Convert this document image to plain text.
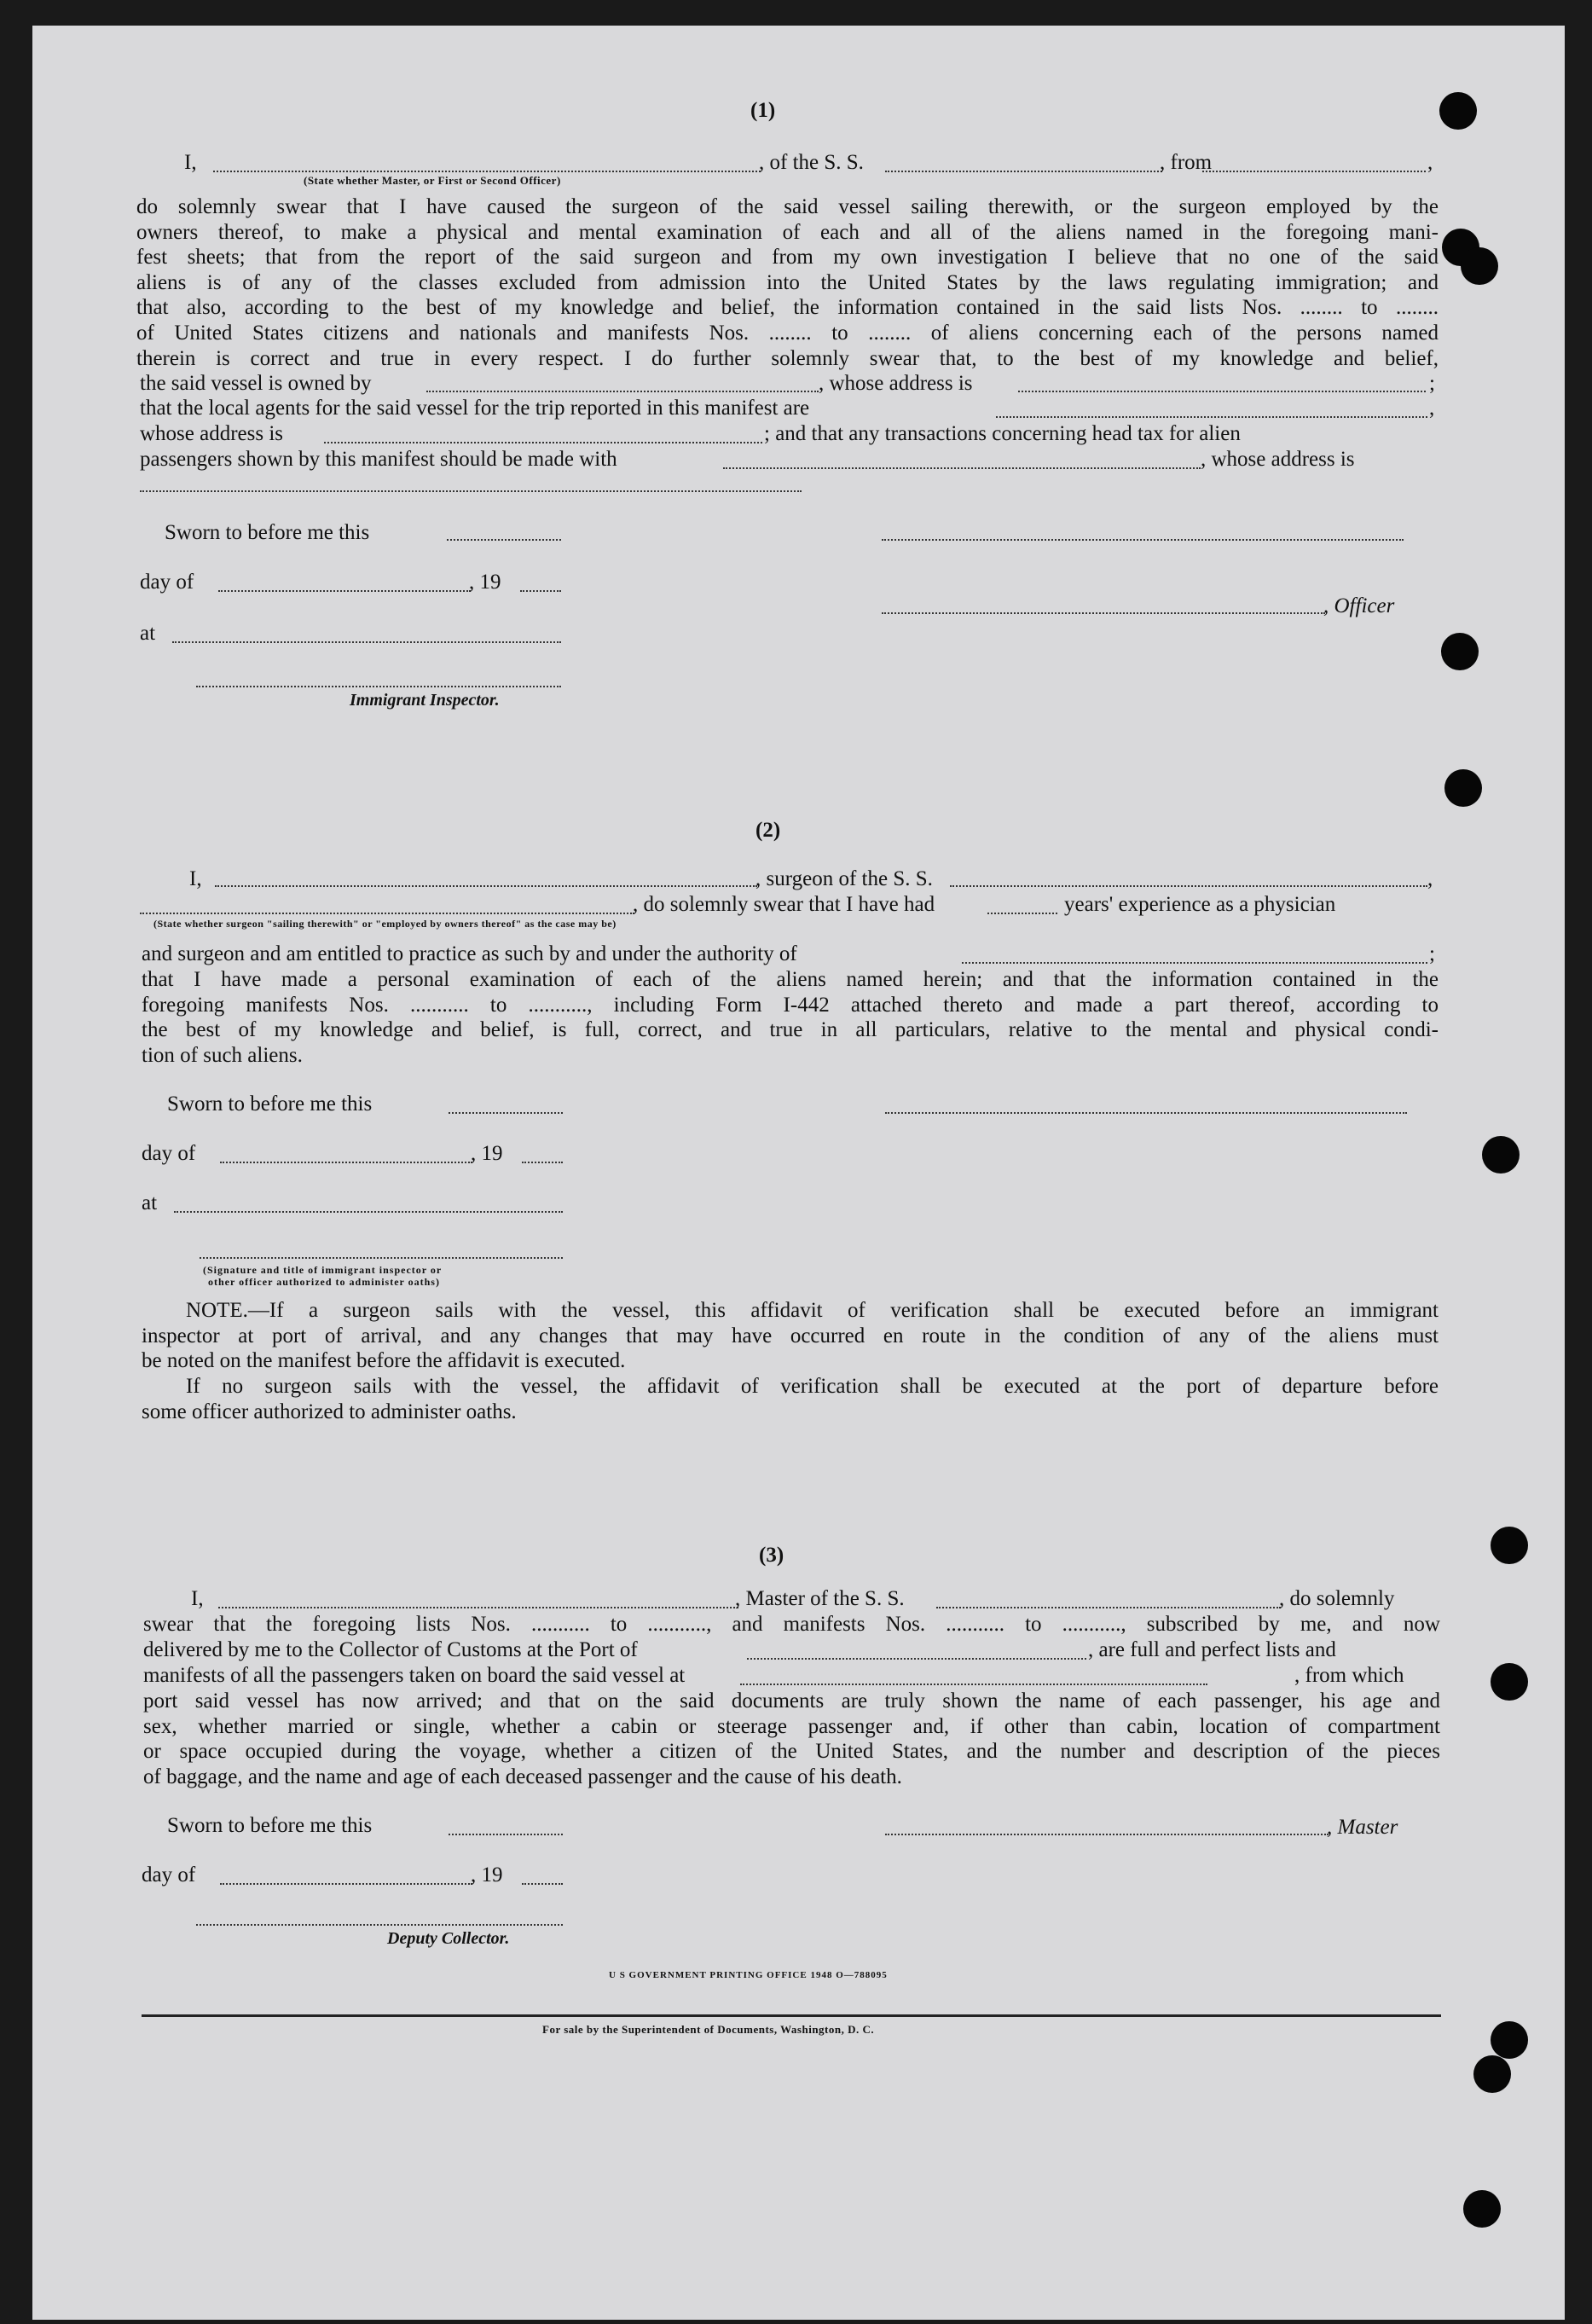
(1)
I,	, of the S. S.	, from	,
(State whether Master, or First or Second Officer)
do solemnly swear that I have caused the surgeon of the said vessel sailing therewith, or the surgeon employed by the
owners thereof, to make a physical and mental examination of each and all of the aliens named in the foregoing mani-
fest sheets; that from the report of the said surgeon and from my own investigation I believe that no one of the said
aliens is of any of the classes excluded from admission into the United States by the laws regulating immigration; and
that also, according to the best of my knowledge and belief, the information contained in the said lists Nos. ........ to ........
of United States citizens and nationals and manifests Nos. ........ to ........ of aliens concerning each of the persons named
therein is correct and true in every respect. I do further solemnly swear that, to the best of my knowledge and belief,
the said vessel is owned by	, whose address is	;
that the local agents for the said vessel for the trip reported in this manifest are	,
whose address is	; and that any transactions concerning head tax for alien
passengers shown by this manifest should be made with	, whose address is
Sworn to before me this
day of	, 19
, Officer
at
Immigrant Inspector.
(2)
I,	, surgeon of the S. S.	,
, do solemnly swear that I have had	years' experience as a physician
(State whether surgeon "sailing therewith" or "employed by owners thereof" as the case may be)
and surgeon and am entitled to practice as such by and under the authority of	;
that I have made a personal examination of each of the aliens named herein; and that the information contained in the
foregoing manifests Nos. ........... to ..........., including Form I-442 attached thereto and made a part thereof, according to
the best of my knowledge and belief, is full, correct, and true in all particulars, relative to the mental and physical condi-
tion of such aliens.
Sworn to before me this
day of	, 19
at
(Signature and title of immigrant inspector or
other officer authorized to administer oaths)
NOTE.—If a surgeon sails with the vessel, this affidavit of verification shall be executed before an immigrant
inspector at port of arrival, and any changes that may have occurred en route in the condition of any of the aliens must
be noted on the manifest before the affidavit is executed.
If no surgeon sails with the vessel, the affidavit of verification shall be executed at the port of departure before
some officer authorized to administer oaths.
(3)
I,	, Master of the S. S.	, do solemnly
swear that the foregoing lists Nos. ........... to ..........., and manifests Nos. ........... to ..........., subscribed by me, and now
delivered by me to the Collector of Customs at the Port of	, are full and perfect lists and
manifests of all the passengers taken on board the said vessel at	, from which
port said vessel has now arrived; and that on the said documents are truly shown the name of each passenger, his age and
sex, whether married or single, whether a cabin or steerage passenger and, if other than cabin, location of compartment
or space occupied during the voyage, whether a citizen of the United States, and the number and description of the pieces
of baggage, and the name and age of each deceased passenger and the cause of his death.
Sworn to before me this	, Master
day of	, 19
Deputy Collector.
U S GOVERNMENT PRINTING OFFICE 1948 O—788095
For sale by the Superintendent of Documents, Washington, D. C.
